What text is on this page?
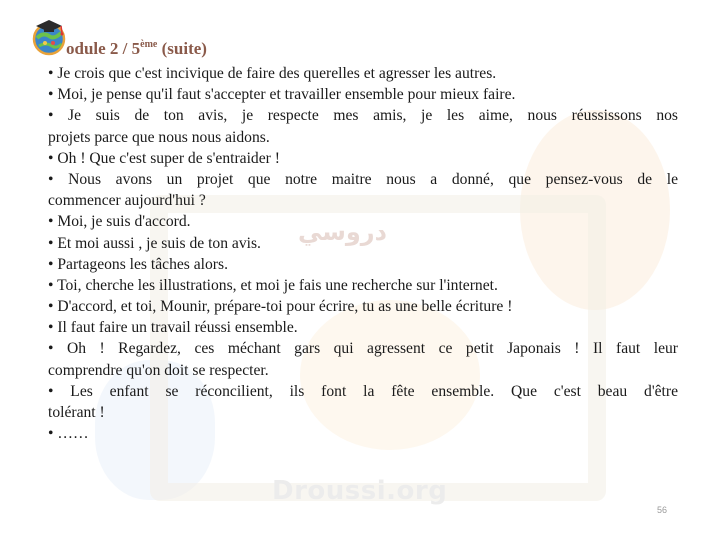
دروسي
Droussi.org
odule 2 / 5ème (suite)
• Je crois que c'est incivique de faire des querelles et agresser les autres.
• Moi, je pense qu'il faut s'accepter et travailler ensemble pour mieux faire.
• Je suis de ton avis, je respecte mes amis, je les aime, nous réussissons nos
projets parce que nous nous aidons.
• Oh ! Que c'est super de s'entraider !
• Nous avons un projet que notre maitre nous a donné, que pensez-vous de le
commencer aujourd'hui ?
• Moi, je suis d'accord.
• Et moi aussi , je suis de ton avis.
• Partageons les tâches alors.
• Toi, cherche les illustrations, et moi je fais une recherche sur l'internet.
• D'accord, et toi, Mounir, prépare-toi pour écrire, tu as une belle écriture !
• Il faut faire un travail réussi ensemble.
• Oh ! Regardez, ces méchant gars qui agressent ce petit Japonais ! Il faut leur
comprendre qu'on doit se respecter.
• Les enfant se réconcilient, ils font la fête ensemble. Que c'est beau d'être
tolérant !
• ……
56
